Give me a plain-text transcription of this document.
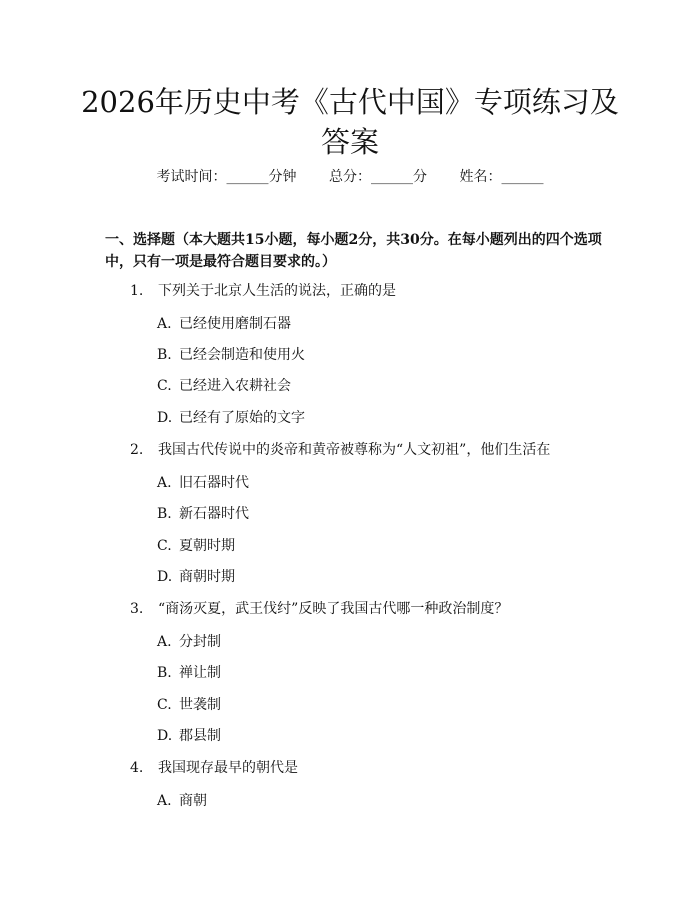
2026年历史中考《古代中国》专项练习及答案
考试时间：______分钟 总分：______分 姓名：______

一、选择题（本大题共15小题，每小题2分，共30分。在每小题列出的四个选项中，只有一项是最符合题目要求的。）

1. 下列关于北京人生活的说法，正确的是
A. 已经使用磨制石器
B. 已经会制造和使用火
C. 已经进入农耕社会
D. 已经有了原始的文字
2. 我国古代传说中的炎帝和黄帝被尊称为“人文初祖”，他们生活在
A. 旧石器时代
B. 新石器时代
C. 夏朝时期
D. 商朝时期
3. “商汤灭夏，武王伐纣”反映了我国古代哪一种政治制度？
A. 分封制
B. 禅让制
C. 世袭制
D. 郡县制
4. 我国现存最早的朝代是
A. 商朝
